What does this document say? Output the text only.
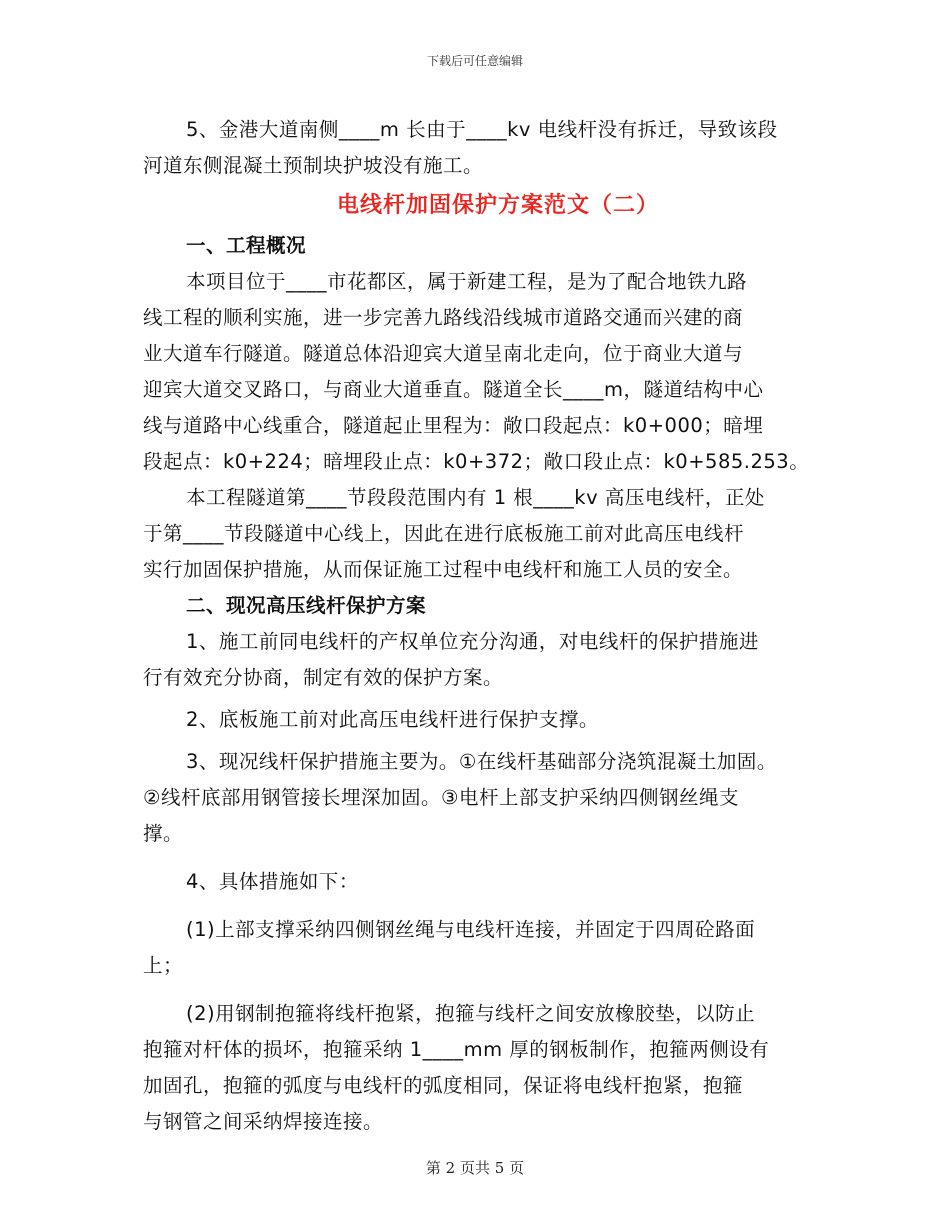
下载后可任意编辑
5、金港大道南侧____m 长由于____kv 电线杆没有拆迁，导致该段
河道东侧混凝土预制块护坡没有施工。
电线杆加固保护方案范文（二）
一、工程概况
本项目位于____市花都区，属于新建工程，是为了配合地铁九路
线工程的顺利实施，进一步完善九路线沿线城市道路交通而兴建的商
业大道车行隧道。隧道总体沿迎宾大道呈南北走向，位于商业大道与
迎宾大道交叉路口，与商业大道垂直。隧道全长____m，隧道结构中心
线与道路中心线重合，隧道起止里程为：敞口段起点：k0+000；暗埋
段起点：k0+224；暗埋段止点：k0+372；敞口段止点：k0+585.253。
本工程隧道第____节段段范围内有 1 根____kv 高压电线杆，正处
于第____节段隧道中心线上，因此在进行底板施工前对此高压电线杆
实行加固保护措施，从而保证施工过程中电线杆和施工人员的安全。
二、现况高压线杆保护方案
1、施工前同电线杆的产权单位充分沟通，对电线杆的保护措施进
行有效充分协商，制定有效的保护方案。
2、底板施工前对此高压电线杆进行保护支撑。
3、现况线杆保护措施主要为。①在线杆基础部分浇筑混凝土加固。
②线杆底部用钢管接长埋深加固。③电杆上部支护采纳四侧钢丝绳支
撑。
4、具体措施如下：
(1)上部支撑采纳四侧钢丝绳与电线杆连接，并固定于四周砼路面
上；
(2)用钢制抱箍将线杆抱紧，抱箍与线杆之间安放橡胶垫，以防止
抱箍对杆体的损坏，抱箍采纳 1____mm 厚的钢板制作，抱箍两侧设有
加固孔，抱箍的弧度与电线杆的弧度相同，保证将电线杆抱紧，抱箍
与钢管之间采纳焊接连接。
第 2 页共 5 页
